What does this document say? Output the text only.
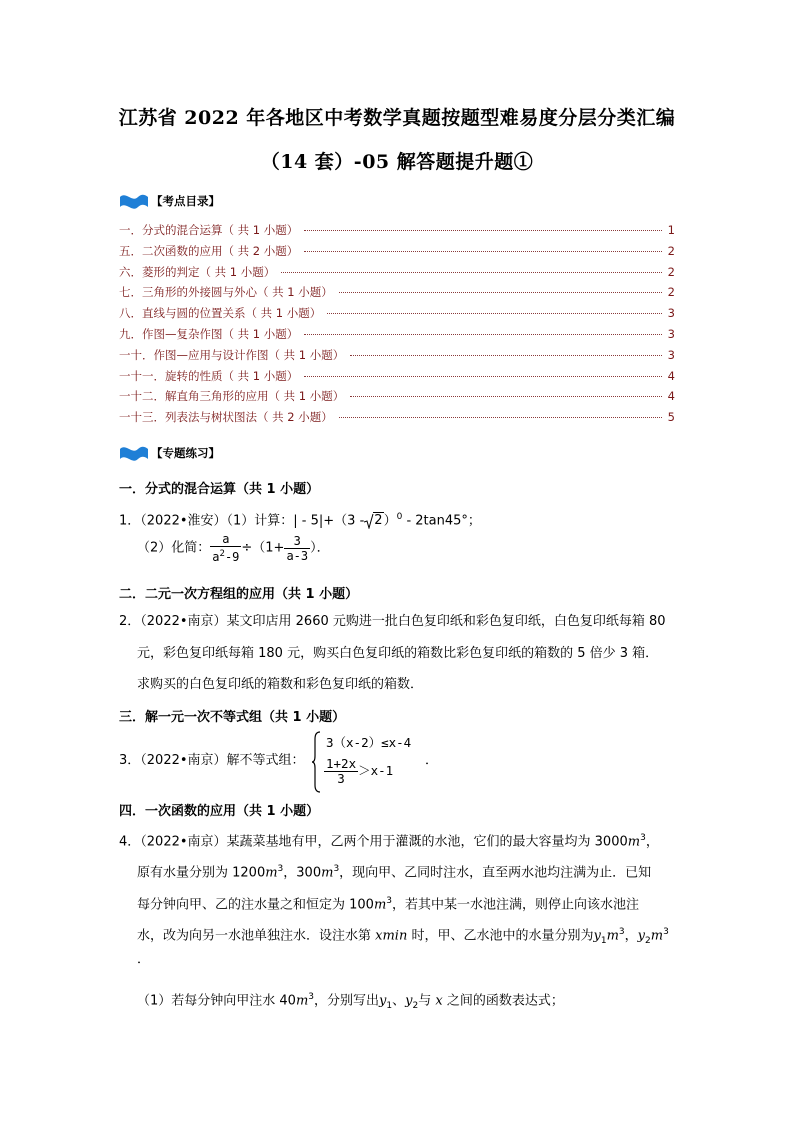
江苏省 2022 年各地区中考数学真题按题型难易度分层分类汇编
（14 套）-05 解答题提升题①
【考点目录】
一．分式的混合运算（ 共 1 小题）	1
五．二次函数的应用（ 共 2 小题）	2
六．菱形的判定（ 共 1 小题）	2
七．三角形的外接圆与外心（ 共 1 小题）	2
八．直线与圆的位置关系（ 共 1 小题）	3
九．作图—复杂作图（ 共 1 小题）	3
一十．作图—应用与设计作图（ 共 1 小题）	3
一十一．旋转的性质（ 共 1 小题）	4
一十二．解直角三角形的应用（ 共 1 小题）	4
一十三．列表法与树状图法（ 共 2 小题）	5
【专题练习】
一．分式的混合运算（共 1 小题）
1．（2022•淮安）（1）计算：| - 5|+（3 - 2）$^0$ - 2tan45°；
（2）化简： $\frac{a}{a^2-9} \div(1+ \frac{3}{a-3}$ ）．
二．二元一次方程组的应用（共 1 小题）
2．（2022•南京）某文印店用 2660 元购进一批白色复印纸和彩色复印纸，白色复印纸每箱 80
元，彩色复印纸每箱 180 元，购买白色复印纸的箱数比彩色复印纸的箱数的 5 倍少 3 箱．
求购买的白色复印纸的箱数和彩色复印纸的箱数．
三．解一元一次不等式组（共 1 小题）
3．（2022•南京）解不等式组：
3（x-2）≤x-4
$\frac{1+2x}{3} >x-1$
．
四．一次函数的应用（共 1 小题）
4．（2022•南京）某蔬菜基地有甲，乙两个用于灌溉的水池，它们的最大容量均为 $3000m^3$，
原有水量分别为 $1200m^3$，$300m^3$，现向甲、乙同时注水，直至两水池均注满为止．已知
每分钟向甲、乙的注水量之和恒定为 $100m^3$，若其中某一水池注满，则停止向该水池注
水，改为向另一水池单独注水．设注水第 xmin 时，甲、乙水池中的水量分别为$y_1m^3$，$y_2m^3$
．
（1）若每分钟向甲注水 $40m^3$，分别写出$y_1$、$y_2$与 x 之间的函数表达式；
